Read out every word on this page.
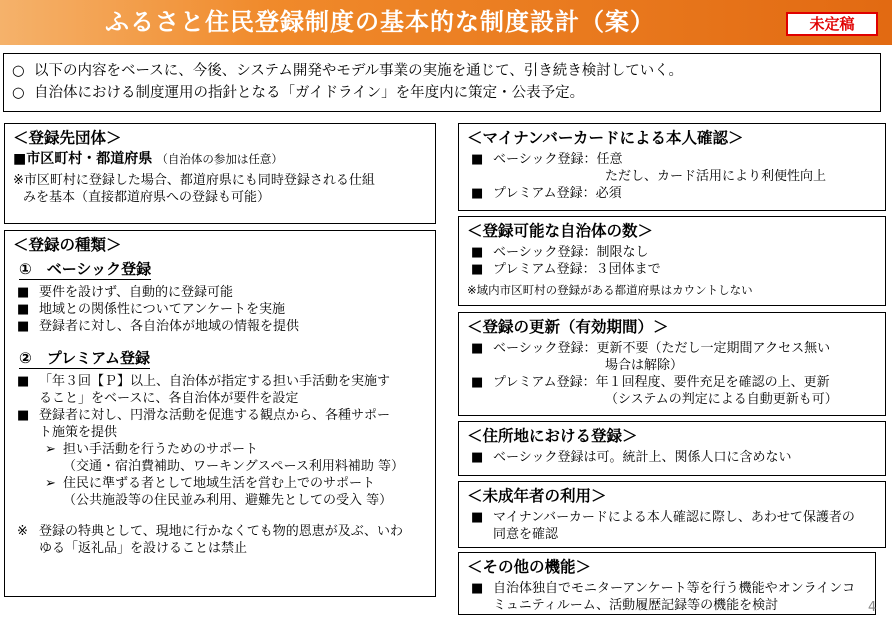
ふるさと住民登録制度の基本的な制度設計（案）	未定稿
○ 以下の内容をベースに、今後、システム開発やモデル事業の実施を通じて、引き続き検討していく。
○ 自治体における制度運用の指針となる「ガイドライン」を年度内に策定・公表予定。
＜登録先団体＞
■市区町村・都道府県 （自治体の参加は任意）
※市区町村に登録した場合、都道府県にも同時登録される仕組
みを基本（直接都道府県への登録も可能）
＜登録の種類＞
①　ベーシック登録
■ 要件を設けず、自動的に登録可能
■ 地域との関係性についてアンケートを実施
■ 登録者に対し、各自治体が地域の情報を提供
②　プレミアム登録
■ 「年３回【Ｐ】以上、自治体が指定する担い手活動を実施す
ること」をベースに、各自治体が要件を設定
■ 登録者に対し、円滑な活動を促進する観点から、各種サポー
ト施策を提供
➢ 担い手活動を行うためのサポート
（交通・宿泊費補助、ワーキングスペース利用料補助 等）
➢ 住民に準ずる者として地域生活を営む上でのサポート
（公共施設等の住民並み利用、避難先としての受入 等）
※ 登録の特典として、現地に行かなくても物的恩恵が及ぶ、いわ
ゆる「返礼品」を設けることは禁止
＜マイナンバーカードによる本人確認＞
■ ベーシック登録：任意
ただし、カード活用により利便性向上
■ プレミアム登録：必須
＜登録可能な自治体の数＞
■ ベーシック登録：制限なし
■ プレミアム登録：３団体まで
※域内市区町村の登録がある都道府県はカウントしない
＜登録の更新（有効期間）＞
■ ベーシック登録：更新不要（ただし一定期間アクセス無い
場合は解除）
■ プレミアム登録：年１回程度、要件充足を確認の上、更新
（システムの判定による自動更新も可）
＜住所地における登録＞
■ ベーシック登録は可。統計上、関係人口に含めない
＜未成年者の利用＞
■ マイナンバーカードによる本人確認に際し、あわせて保護者の
同意を確認
＜その他の機能＞
■ 自治体独自でモニターアンケート等を行う機能やオンラインコ
ミュニティルーム、活動履歴記録等の機能を検討	4
